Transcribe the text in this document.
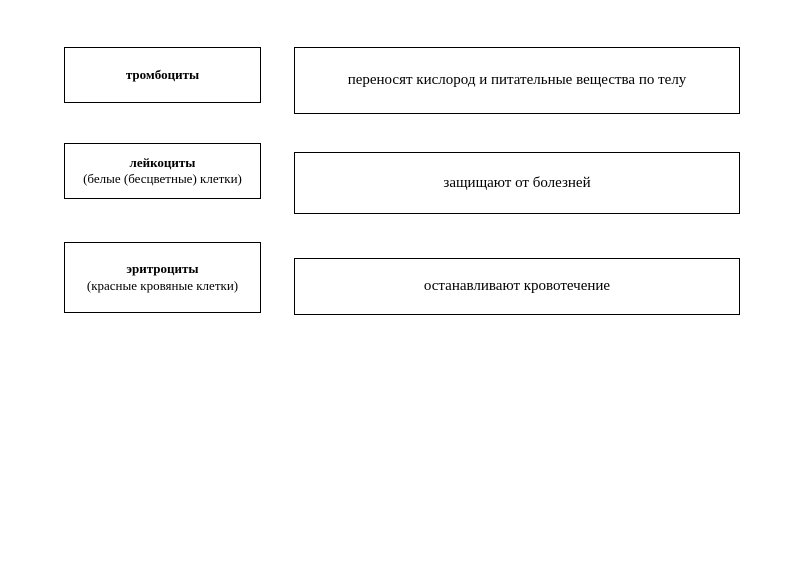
тромбоциты
лейкоциты
(белые (бесцветные) клетки)
эритроциты
(красные кровяные клетки)
переносят кислород и питательные вещества по телу
защищают от болезней
останавливают кровотечение
